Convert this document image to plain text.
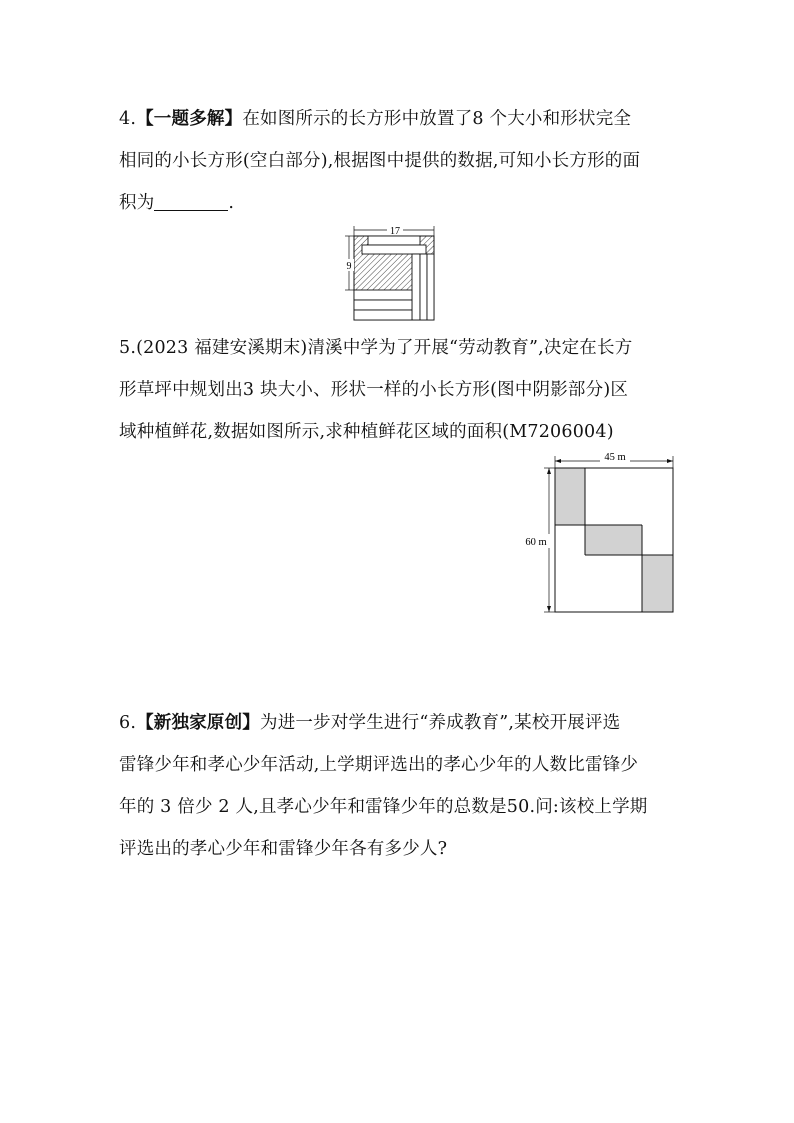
4.【一题多解】在如图所示的长方形中放置了8 个大小和形状完全
相同的小长方形(空白部分),根据图中提供的数据,可知小长方形的面
积为	.
17
9
5.(2023 福建安溪期末)清溪中学为了开展“劳动教育”,决定在长方
形草坪中规划出3 块大小、形状一样的小长方形(图中阴影部分)区
域种植鲜花,数据如图所示,求种植鲜花区域的面积(M7206004)
45 m
60 m
6.【新独家原创】为进一步对学生进行“养成教育”,某校开展评选
雷锋少年和孝心少年活动,上学期评选出的孝心少年的人数比雷锋少
年的 3 倍少 2 人,且孝心少年和雷锋少年的总数是50.问:该校上学期
评选出的孝心少年和雷锋少年各有多少人?
